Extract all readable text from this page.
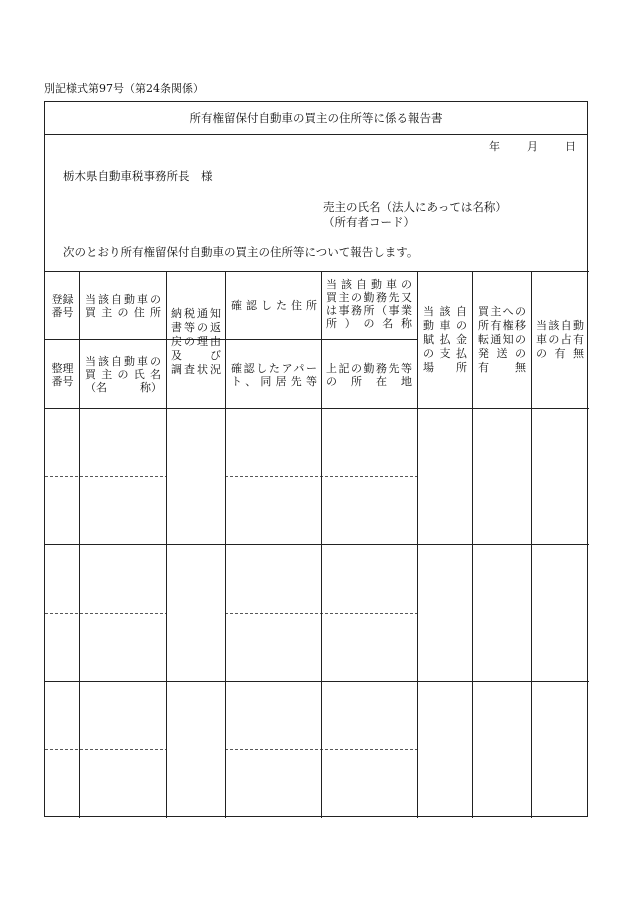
別記様式第97号（第24条関係）
所有権留保付自動車の買主の住所等に係る報告書
年 月 日
栃木県自動車税事務所長　様
売主の氏名（法人にあっては名称）
（所有者コード）
次のとおり所有権留保付自動車の買主の住所等について報告します。
登録
番号
当該自動車の
買主の住所 納税通知
書等の返
戻の理由
及　び
調査状況
確認した住所
当該自動車の
買主の勤務先又
は事務所（事業
所）の名称
当該自
動車の
賦払金
の支払
場所
買主への
所有権移
転通知の
発送の
有無
当該自動
車の占有
の有無
整理
番号
当該自動車の
買主の氏名
（名　　　称）
確認したアパー
ト、同居先等
上記の勤務先等
の所在地
